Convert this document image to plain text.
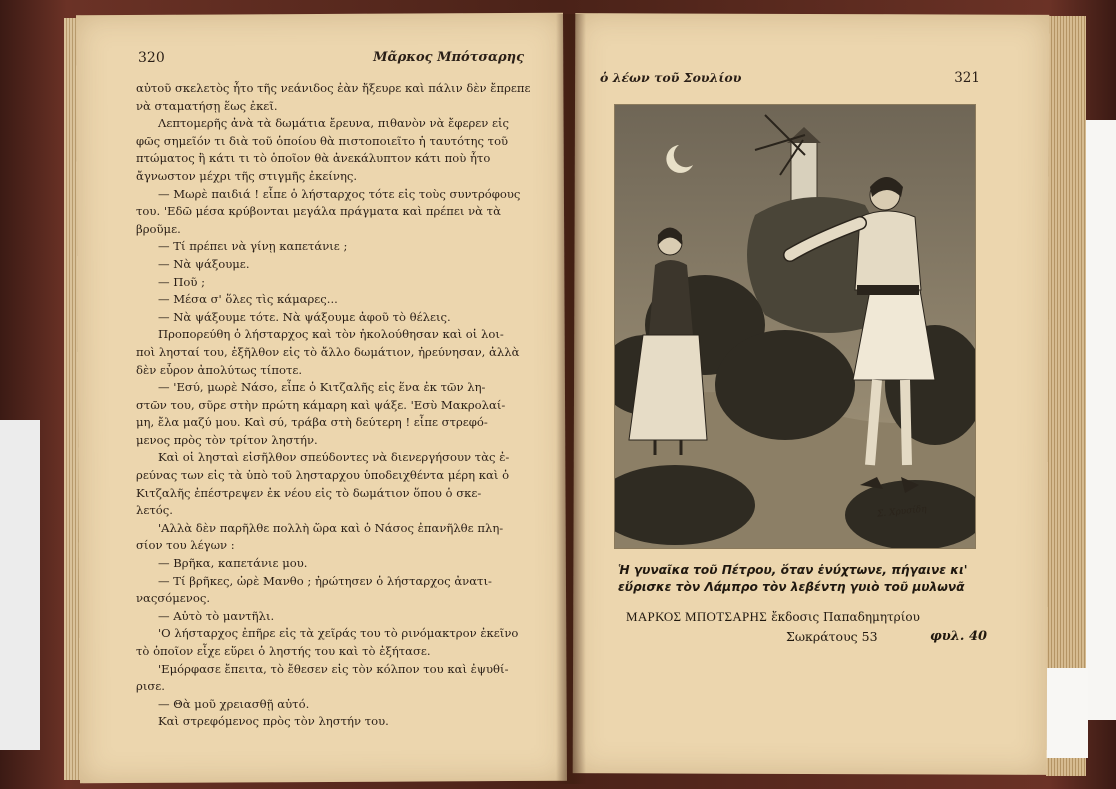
320	Μᾶρκος Μπότσαρης
αὐτοῦ σκελετὸς ἦτο τῆς νεάνιδος ἐὰν ἤξευρε καὶ πάλιν δὲν ἔπρεπε
νὰ σταματήσῃ ἕως ἐκεῖ.
Λεπτομερῆς ἀνὰ τὰ δωμάτια ἔρευνα, πιθανὸν νὰ ἔφερεν εἰς
φῶς σημεῖόν τι διὰ τοῦ ὁποίου θὰ πιστοποιεῖτο ἡ ταυτότης τοῦ
πτώματος ἢ κάτι τι τὸ ὁποῖον θὰ ἀνεκάλυπτον κάτι ποὺ ἦτο
ἄγνωστον μέχρι τῆς στιγμῆς ἐκείνης.
— Μωρὲ παιδιά ! εἶπε ὁ λήσταρχος τότε εἰς τοὺς συντρόφους
του. 'Εδῶ μέσα κρύβονται μεγάλα πράγματα καὶ πρέπει νὰ τὰ
βροῦμε.
— Τί πρέπει νὰ γίνῃ καπετάνιε ;
— Νὰ ψάξουμε.
— Ποῦ ;
— Μέσα σ' ὅλες τὶς κάμαρες...
— Νὰ ψάξουμε τότε. Νὰ ψάξουμε ἀφοῦ τὸ θέλεις.
Προπορεύθη ὁ λήσταρχος καὶ τὸν ἠκολούθησαν καὶ οἱ λοι-
ποὶ λησταί του, ἐξῆλθον εἰς τὸ ἄλλο δωμάτιον, ἠρεύνησαν, ἀλλὰ
δὲν εὗρον ἀπολύτως τίποτε.
— 'Εσύ, μωρὲ Νάσο, εἶπε ὁ Κιτζαλῆς εἰς ἕνα ἐκ τῶν λη-
στῶν του, σῦρε στὴν πρώτη κάμαρη καὶ ψάξε. 'Εσὺ Μακρολαί-
μη, ἔλα μαζύ μου. Καὶ σύ, τράβα στὴ δεύτερη ! εἶπε στρεφό-
μενος πρὸς τὸν τρίτον ληστήν.
Καὶ οἱ λησταὶ εἰσῆλθον σπεύδοντες νὰ διενεργήσουν τὰς ἐ-
ρεύνας των εἰς τὰ ὑπὸ τοῦ λησταρχου ὑποδειχθέντα μέρη καὶ ὁ
Κιτζαλῆς ἐπέστρεψεν ἐκ νέου εἰς τὸ δωμάτιον ὅπου ὁ σκε-
λετός.
'Αλλὰ δὲν παρῆλθε πολλὴ ὥρα καὶ ὁ Νάσος ἐπανῆλθε πλη-
σίον του λέγων :
— Βρῆκα, καπετάνιε μου.
— Τί βρῆκες, ὠρὲ Μανθο ; ἠρώτησεν ὁ λήσταρχος ἀνατι-
ναςσόμενος.
— Αὐτὸ τὸ μαντῆλι.
'Ο λήσταρχος ἐπῆρε εἰς τὰ χεῖράς του τὸ ρινόμακτρον ἐκεῖνο
τὸ ὁποῖον εἶχε εὕρει ὁ ληστής του καὶ τὸ ἐξήτασε.
'Εμόρφασε ἔπειτα, τὸ ἔθεσεν εἰς τὸν κόλπον του καὶ ἐψυθί-
ρισε.
— Θὰ μοῦ χρειασθῇ αὐτό.
Καὶ στρεφόμενος πρὸς τὸν ληστήν του.
ὁ λέων τοῦ Σουλίου	321
Σ. Χρυσίδη
Ἡ γυναῖκα τοῦ Πέτρου, ὅταν ἐνύχτωνε, πήγαινε κι'
εὕρισκε τὸν Λάμπρο τὸν λεβέντη γυιὸ τοῦ μυλωνᾶ
ΜΑΡΚΟΣ ΜΠΟΤΣΑΡΗΣ ἔκδοσις Παπαδημητρίου
Σωκράτους 53	φυλ. 40
